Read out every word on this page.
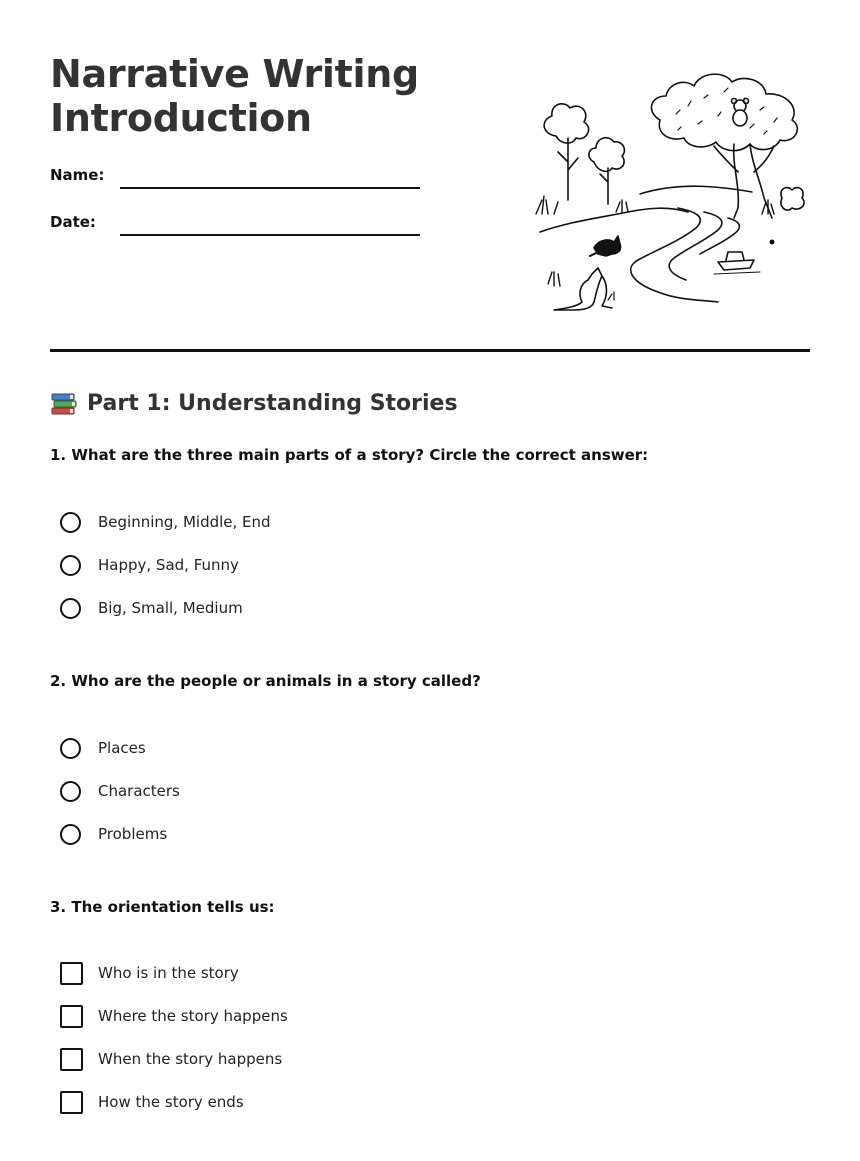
Narrative Writing
Introduction
Name:
Date:
Part 1: Understanding Stories

1. What are the three main parts of a story? Circle the correct answer:

Beginning, Middle, End
Happy, Sad, Funny
Big, Small, Medium

2. Who are the people or animals in a story called?

Places
Characters
Problems

3. The orientation tells us:

Who is in the story
Where the story happens
When the story happens
How the story ends
